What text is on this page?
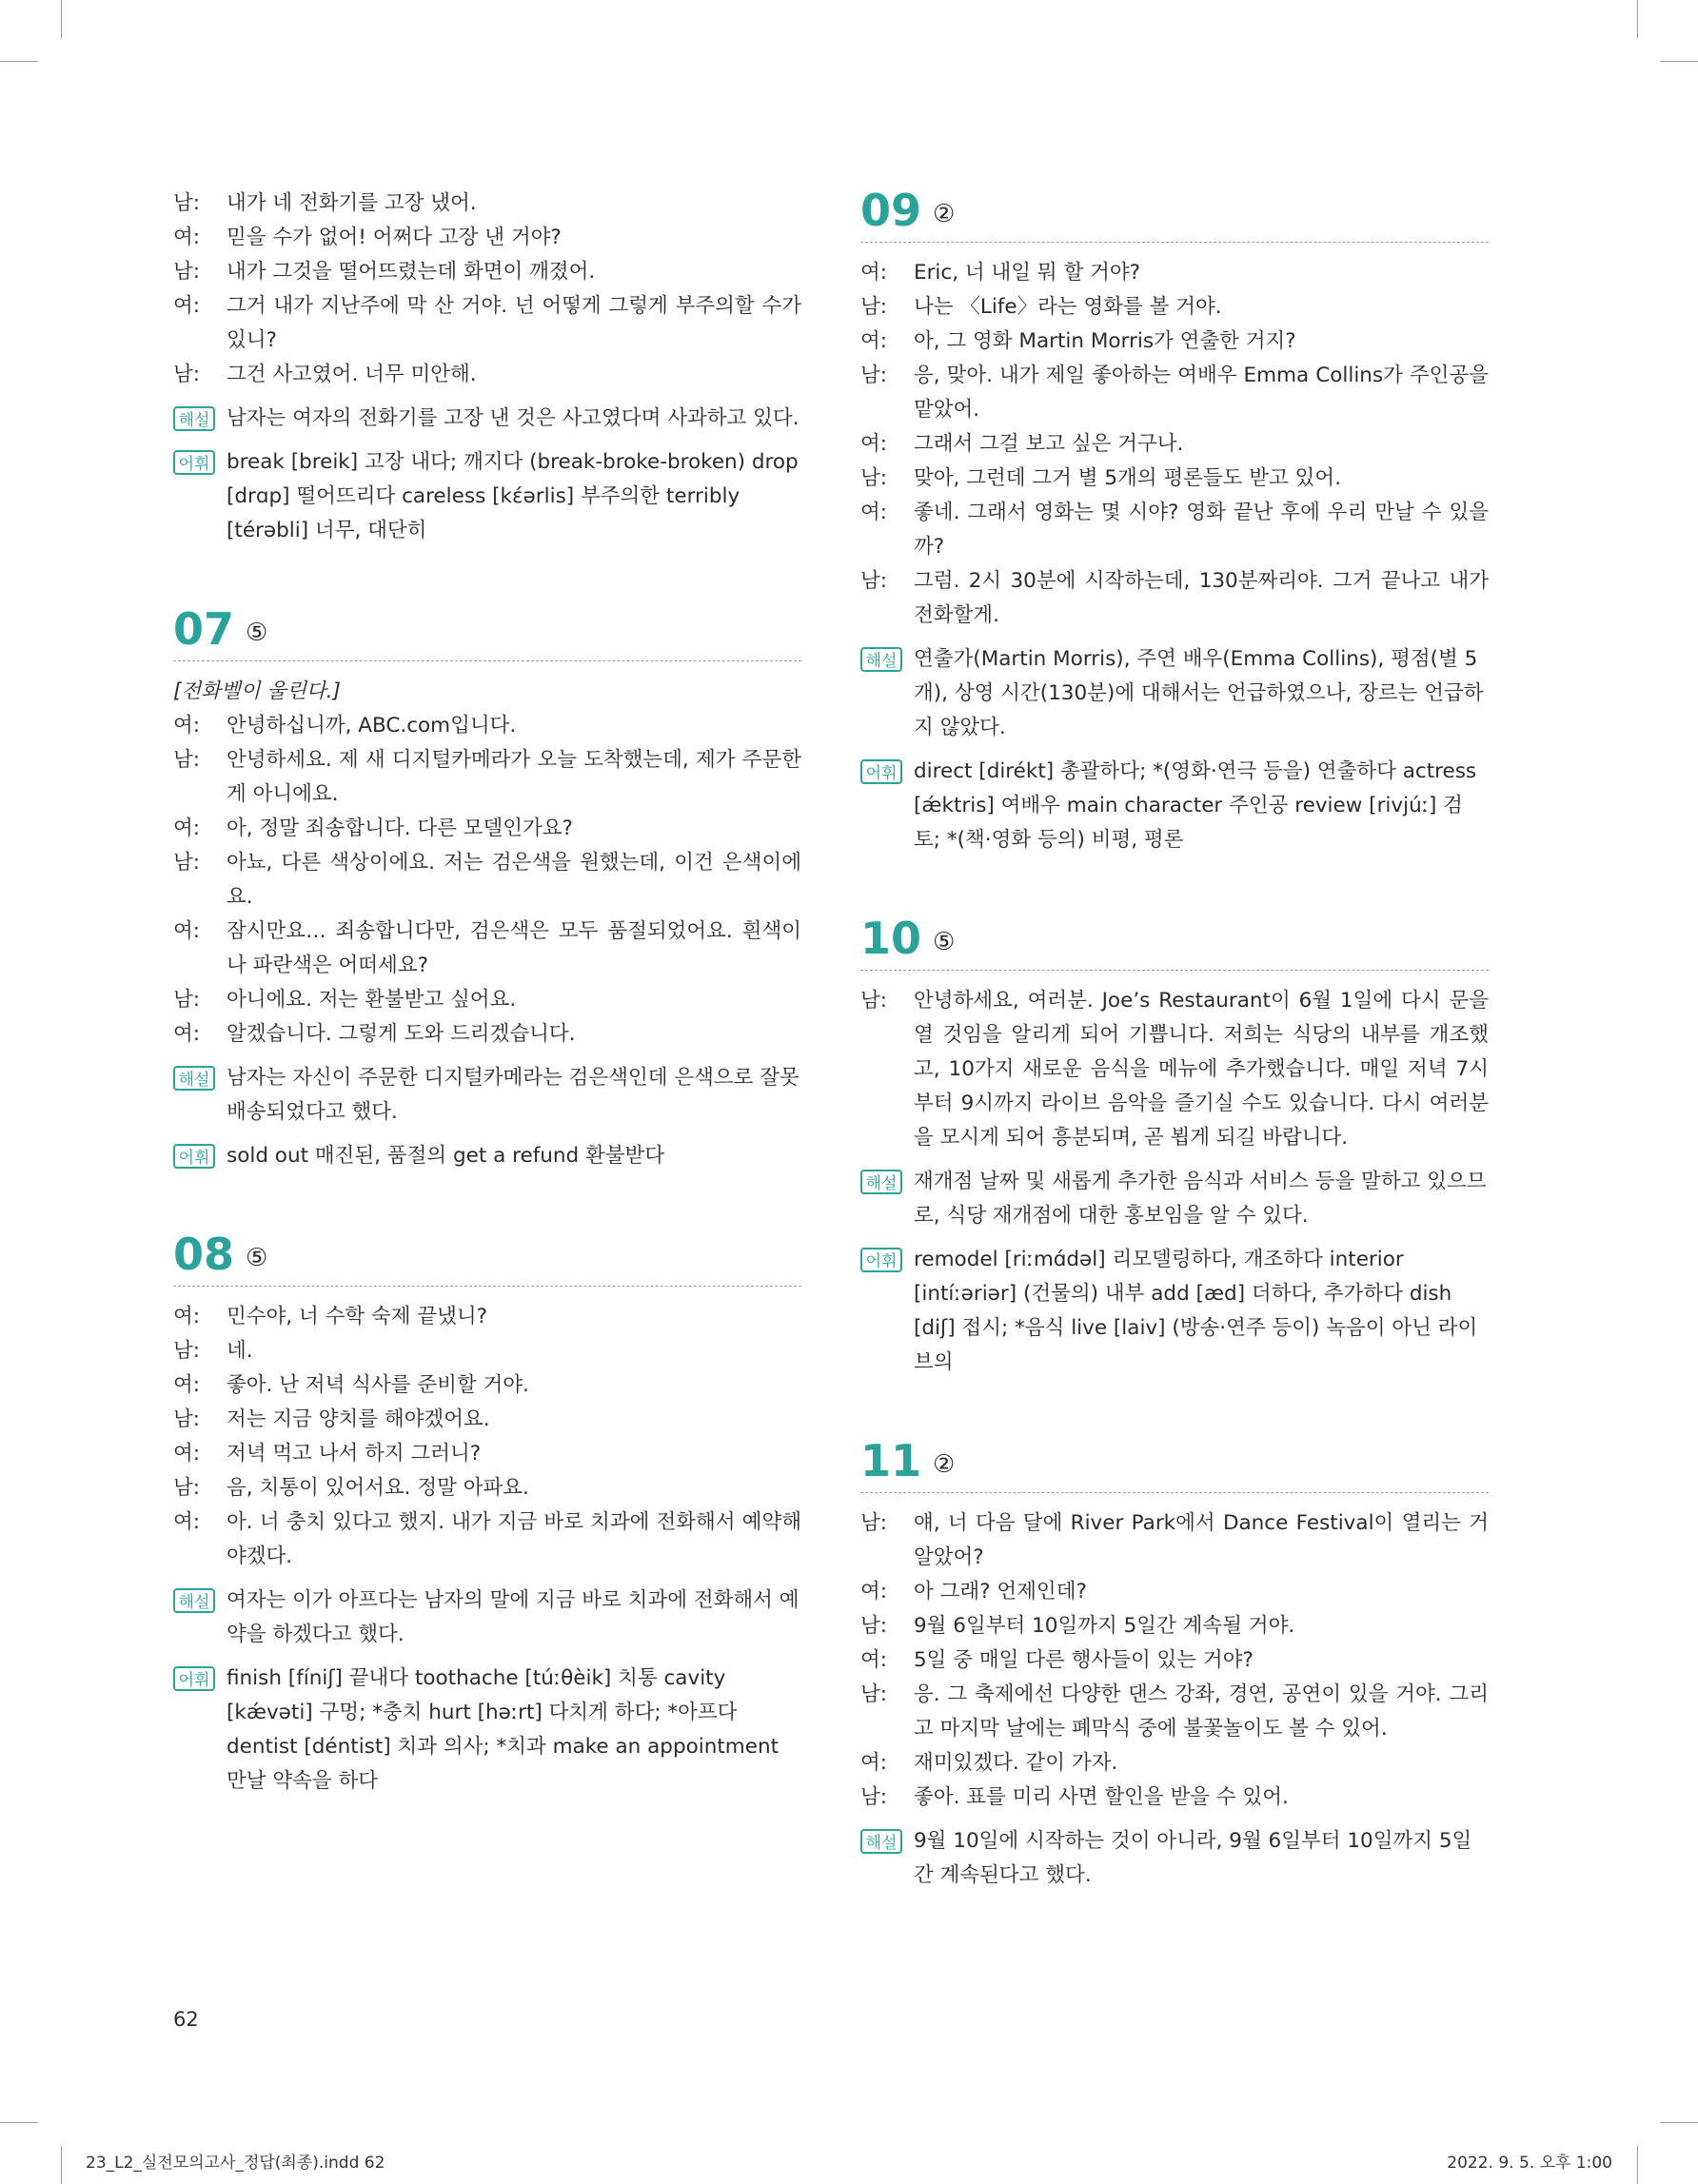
남:	내가 네 전화기를 고장 냈어.
여:	믿을 수가 없어! 어쩌다 고장 낸 거야?
남:	내가 그것을 떨어뜨렸는데 화면이 깨졌어.
여:	그거 내가 지난주에 막 산 거야. 넌 어떻게 그렇게 부주의할 수가 있니?
남:	그건 사고였어. 너무 미안해.
해설 남자는 여자의 전화기를 고장 낸 것은 사고였다며 사과하고 있다.
어휘 break [breik] 고장 내다; 깨지다 (break-broke-broken) drop [drɑp] 떨어뜨리다 careless [kέərlis] 부주의한 terribly [térəbli] 너무, 대단히
07 ⑤
[전화벨이 울린다.]
여:	안녕하십니까, ABC.com입니다.
남:	안녕하세요. 제 새 디지털카메라가 오늘 도착했는데, 제가 주문한 게 아니에요.
여:	아, 정말 죄송합니다. 다른 모델인가요?
남:	아뇨, 다른 색상이에요. 저는 검은색을 원했는데, 이건 은색이에요.
여:	잠시만요… 죄송합니다만, 검은색은 모두 품절되었어요. 흰색이나 파란색은 어떠세요?
남:	아니에요. 저는 환불받고 싶어요.
여:	알겠습니다. 그렇게 도와 드리겠습니다.
해설 남자는 자신이 주문한 디지털카메라는 검은색인데 은색으로 잘못 배송되었다고 했다.
어휘 sold out 매진된, 품절의 get a refund 환불받다
08 ⑤
여:	민수야, 너 수학 숙제 끝냈니?
남:	네.
여:	좋아. 난 저녁 식사를 준비할 거야.
남:	저는 지금 양치를 해야겠어요.
여:	저녁 먹고 나서 하지 그러니?
남:	음, 치통이 있어서요. 정말 아파요.
여:	아. 너 충치 있다고 했지. 내가 지금 바로 치과에 전화해서 예약해야겠다.
해설 여자는 이가 아프다는 남자의 말에 지금 바로 치과에 전화해서 예약을 하겠다고 했다.
어휘 finish [fíniʃ] 끝내다 toothache [túːθèik] 치통 cavity [kǽvəti] 구멍; *충치 hurt [həːrt] 다치게 하다; *아프다 dentist [déntist] 치과 의사; *치과 make an appointment 만날 약속을 하다
09 ②
여:	Eric, 너 내일 뭐 할 거야?
남:	나는 〈Life〉라는 영화를 볼 거야.
여:	아, 그 영화 Martin Morris가 연출한 거지?
남:	응, 맞아. 내가 제일 좋아하는 여배우 Emma Collins가 주인공을 맡았어.
여:	그래서 그걸 보고 싶은 거구나.
남:	맞아, 그런데 그거 별 5개의 평론들도 받고 있어.
여:	좋네. 그래서 영화는 몇 시야? 영화 끝난 후에 우리 만날 수 있을까?
남:	그럼. 2시 30분에 시작하는데, 130분짜리야. 그거 끝나고 내가 전화할게.
해설 연출가(Martin Morris), 주연 배우(Emma Collins), 평점(별 5개), 상영 시간(130분)에 대해서는 언급하였으나, 장르는 언급하지 않았다.
어휘 direct [dirékt] 총괄하다; *(영화·연극 등을) 연출하다 actress [ǽktris] 여배우 main character 주인공 review [rivjúː] 검토; *(책·영화 등의) 비평, 평론
10 ⑤
남:	안녕하세요, 여러분. Joe’s Restaurant이 6월 1일에 다시 문을 열 것임을 알리게 되어 기쁩니다. 저희는 식당의 내부를 개조했고, 10가지 새로운 음식을 메뉴에 추가했습니다. 매일 저녁 7시부터 9시까지 라이브 음악을 즐기실 수도 있습니다. 다시 여러분을 모시게 되어 흥분되며, 곧 뵙게 되길 바랍니다.
해설 재개점 날짜 및 새롭게 추가한 음식과 서비스 등을 말하고 있으므로, 식당 재개점에 대한 홍보임을 알 수 있다.
어휘 remodel [riːmɑ́dəl] 리모델링하다, 개조하다 interior [intíːəriər] (건물의) 내부 add [æd] 더하다, 추가하다 dish [diʃ] 접시; *음식 live [laiv] (방송·연주 등이) 녹음이 아닌 라이브의
11 ②
남:	얘, 너 다음 달에 River Park에서 Dance Festival이 열리는 거 알았어?
여:	아 그래? 언제인데?
남:	9월 6일부터 10일까지 5일간 계속될 거야.
여:	5일 중 매일 다른 행사들이 있는 거야?
남:	응. 그 축제에선 다양한 댄스 강좌, 경연, 공연이 있을 거야. 그리고 마지막 날에는 폐막식 중에 불꽃놀이도 볼 수 있어.
여:	재미있겠다. 같이 가자.
남:	좋아. 표를 미리 사면 할인을 받을 수 있어.
해설 9월 10일에 시작하는 것이 아니라, 9월 6일부터 10일까지 5일간 계속된다고 했다.
62
23_L2_실전모의고사_정답(최종).indd 62	2022. 9. 5. 오후 1:00
